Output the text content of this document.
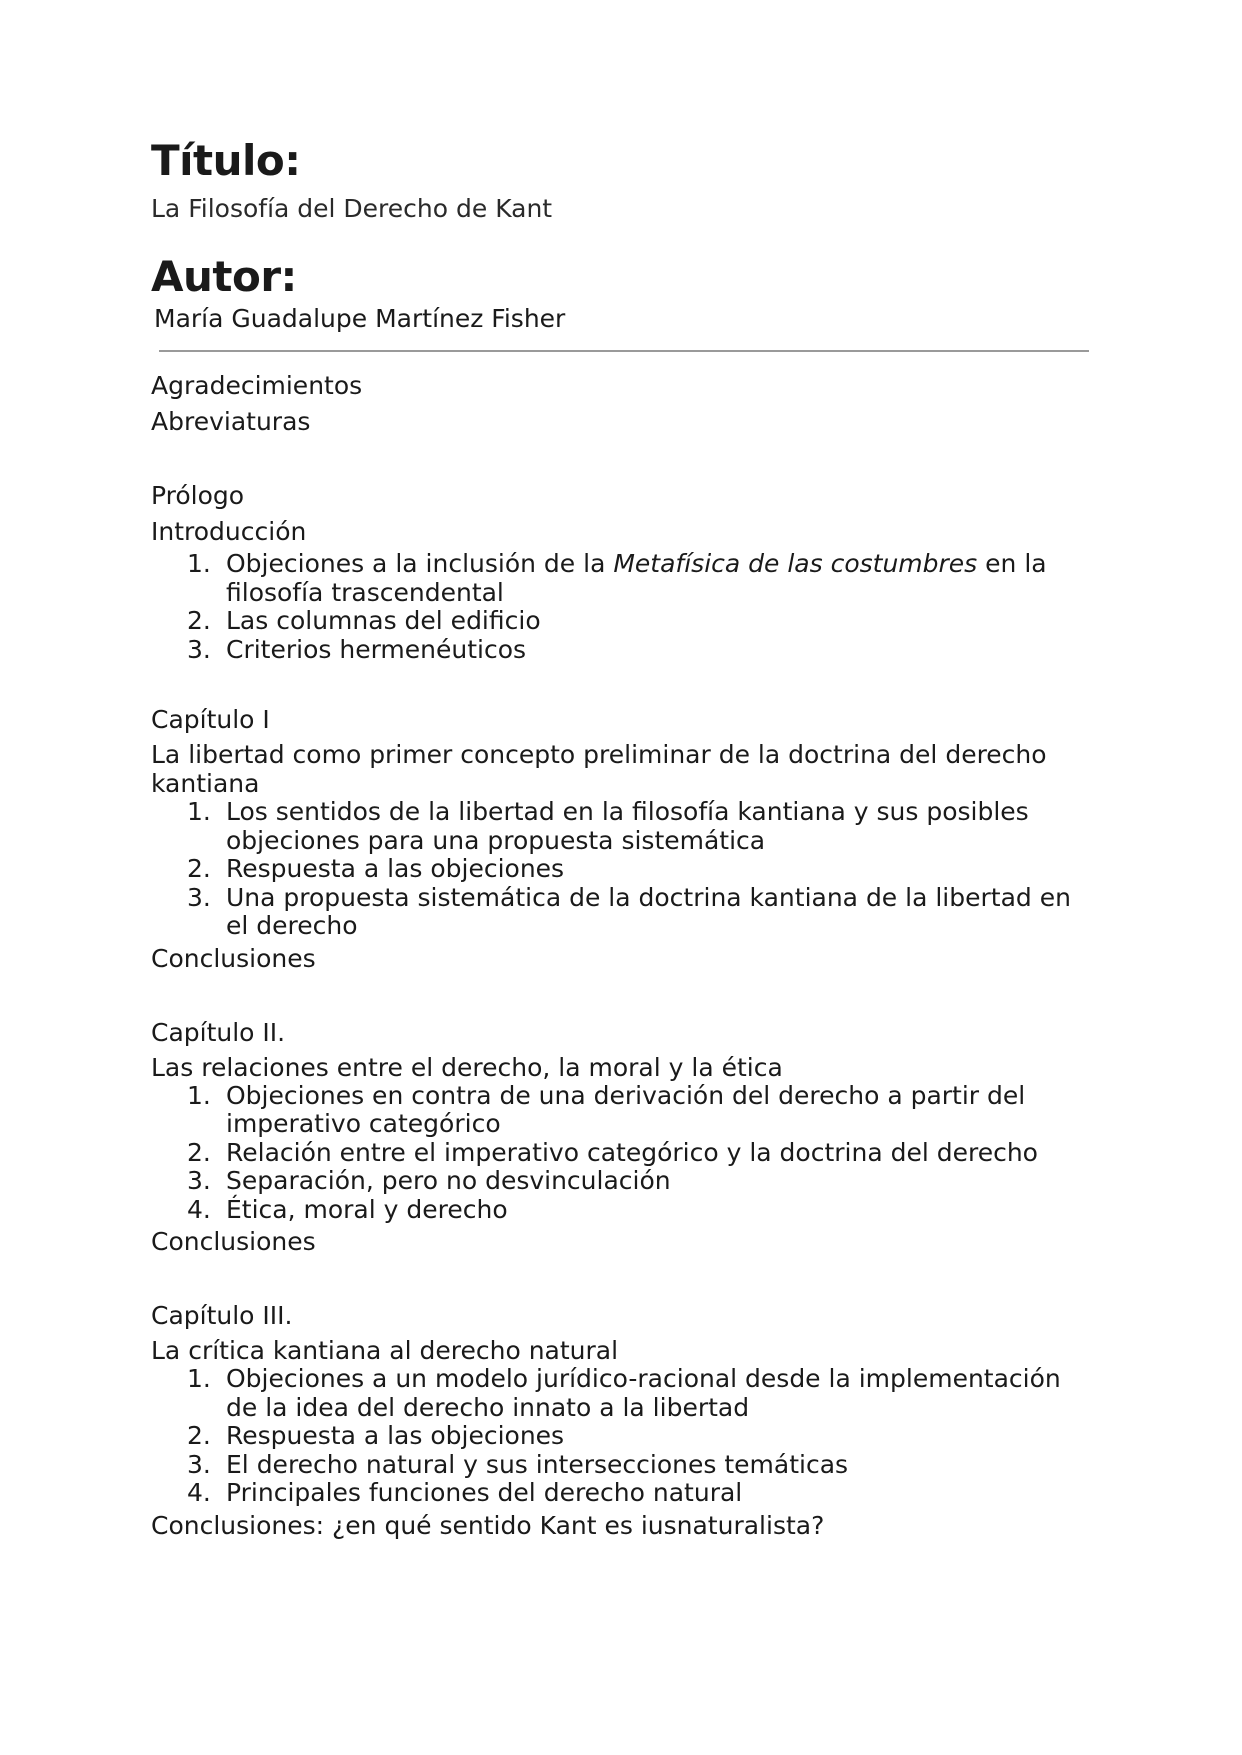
Título:
La Filosofía del Derecho de Kant
Autor:
María Guadalupe Martínez Fisher
Agradecimientos
Abreviaturas
Prólogo
Introducción
1. Objeciones a la inclusión de la Metafísica de las costumbres en la filosofía trascendental
2. Las columnas del edificio
3. Criterios hermenéuticos
Capítulo I
La libertad como primer concepto preliminar de la doctrina del derecho kantiana
1. Los sentidos de la libertad en la filosofía kantiana y sus posibles objeciones para una propuesta sistemática
2. Respuesta a las objeciones
3. Una propuesta sistemática de la doctrina kantiana de la libertad en el derecho
Conclusiones
Capítulo II.
Las relaciones entre el derecho, la moral y la ética
1. Objeciones en contra de una derivación del derecho a partir del imperativo categórico
2. Relación entre el imperativo categórico y la doctrina del derecho
3. Separación, pero no desvinculación
4. Ética, moral y derecho
Conclusiones
Capítulo III.
La crítica kantiana al derecho natural
1. Objeciones a un modelo jurídico-racional desde la implementación de la idea del derecho innato a la libertad
2. Respuesta a las objeciones
3. El derecho natural y sus intersecciones temáticas
4. Principales funciones del derecho natural
Conclusiones: ¿en qué sentido Kant es iusnaturalista?
